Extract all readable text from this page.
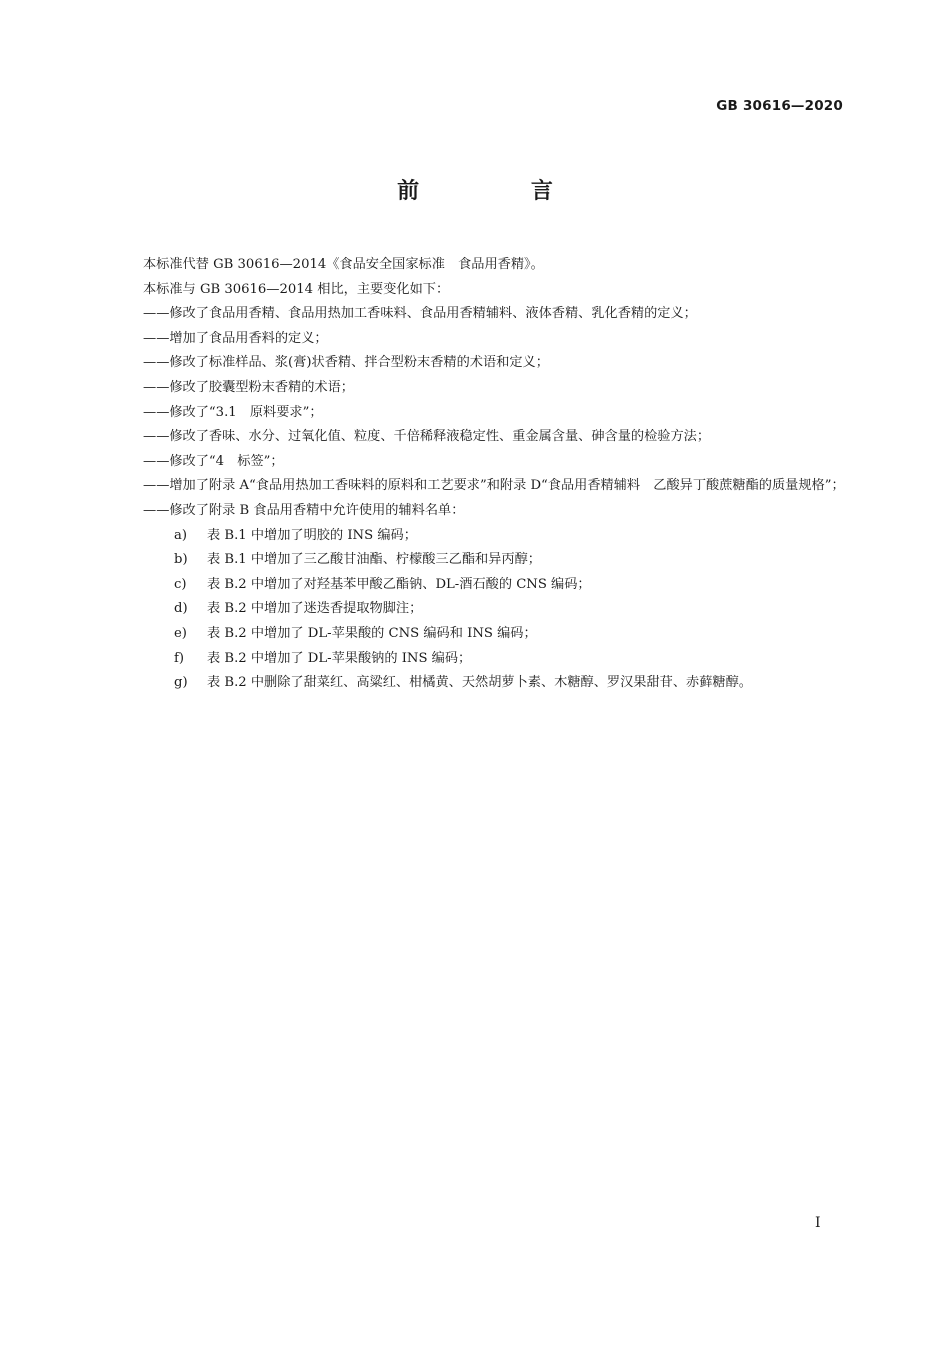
GB 30616—2020
前 言
本标准代替 GB 30616—2014《食品安全国家标准　食品用香精》。
本标准与 GB 30616—2014 相比，主要变化如下：
——修改了食品用香精、食品用热加工香味料、食品用香精辅料、液体香精、乳化香精的定义；
——增加了食品用香料的定义；
——修改了标准样品、浆(膏)状香精、拌合型粉末香精的术语和定义；
——修改了胶囊型粉末香精的术语；
——修改了“3.1　原料要求”；
——修改了香味、水分、过氧化值、粒度、千倍稀释液稳定性、重金属含量、砷含量的检验方法；
——修改了“4　标签”；
——增加了附录 A“食品用热加工香味料的原料和工艺要求”和附录 D“食品用香精辅料　乙酸异丁酸蔗糖酯的质量规格”；
——修改了附录 B 食品用香精中允许使用的辅料名单：
a) 表 B.1 中增加了明胶的 INS 编码；
b) 表 B.1 中增加了三乙酸甘油酯、柠檬酸三乙酯和异丙醇；
c) 表 B.2 中增加了对羟基苯甲酸乙酯钠、DL-酒石酸的 CNS 编码；
d) 表 B.2 中增加了迷迭香提取物脚注；
e) 表 B.2 中增加了 DL-苹果酸的 CNS 编码和 INS 编码；
f) 表 B.2 中增加了 DL-苹果酸钠的 INS 编码；
g) 表 B.2 中删除了甜菜红、高粱红、柑橘黄、天然胡萝卜素、木糖醇、罗汉果甜苷、赤藓糖醇。
I
